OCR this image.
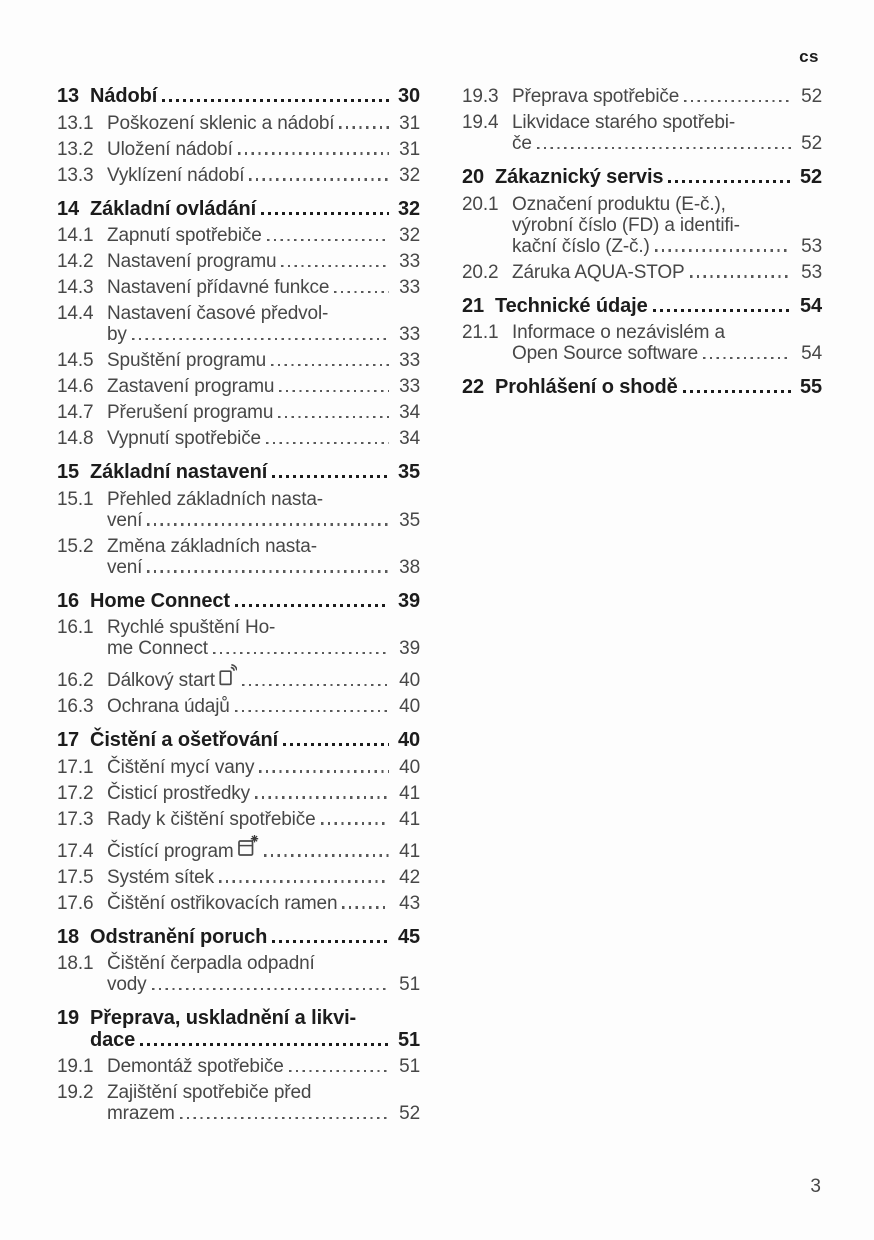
cs
13 Nádobí	30
13.1 Poškození sklenic a nádobí	31
13.2 Uložení nádobí	31
13.3 Vyklízení nádobí	32
14 Základní ovládání	32
14.1 Zapnutí spotřebiče	32
14.2 Nastavení programu	33
14.3 Nastavení přídavné funkce	33
14.4 Nastavení časové předvol-
by	33
14.5 Spuštění programu	33
14.6 Zastavení programu	33
14.7 Přerušení programu	34
14.8 Vypnutí spotřebiče	34
15 Základní nastavení	35
15.1 Přehled základních nasta-
vení	35
15.2 Změna základních nasta-
vení	38
16 Home Connect	39
16.1 Rychlé spuštění Ho-
me Connect	39
16.2 Dálkový start	40
16.3 Ochrana údajů	40
17 Čistění a ošetřování	40
17.1 Čištění mycí vany	40
17.2 Čisticí prostředky	41
17.3 Rady k čištění spotřebiče	41
17.4 Čistící program	41
17.5 Systém sítek	42
17.6 Čištění ostřikovacích ramen	43
18 Odstranění poruch	45
18.1 Čištění čerpadla odpadní
vody	51
19 Přeprava, uskladnění a likvi-
dace	51
19.1 Demontáž spotřebiče	51
19.2 Zajištění spotřebiče před
mrazem	52
19.3 Přeprava spotřebiče	52
19.4 Likvidace starého spotřebi-
če	52
20 Zákaznický servis	52
20.1 Označení produktu (E-č.),
výrobní číslo (FD) a identifi-
kační číslo (Z-č.)	53
20.2 Záruka AQUA-STOP	53
21 Technické údaje	54
21.1 Informace o nezávislém a
Open Source software	54
22 Prohlášení o shodě	55
3
